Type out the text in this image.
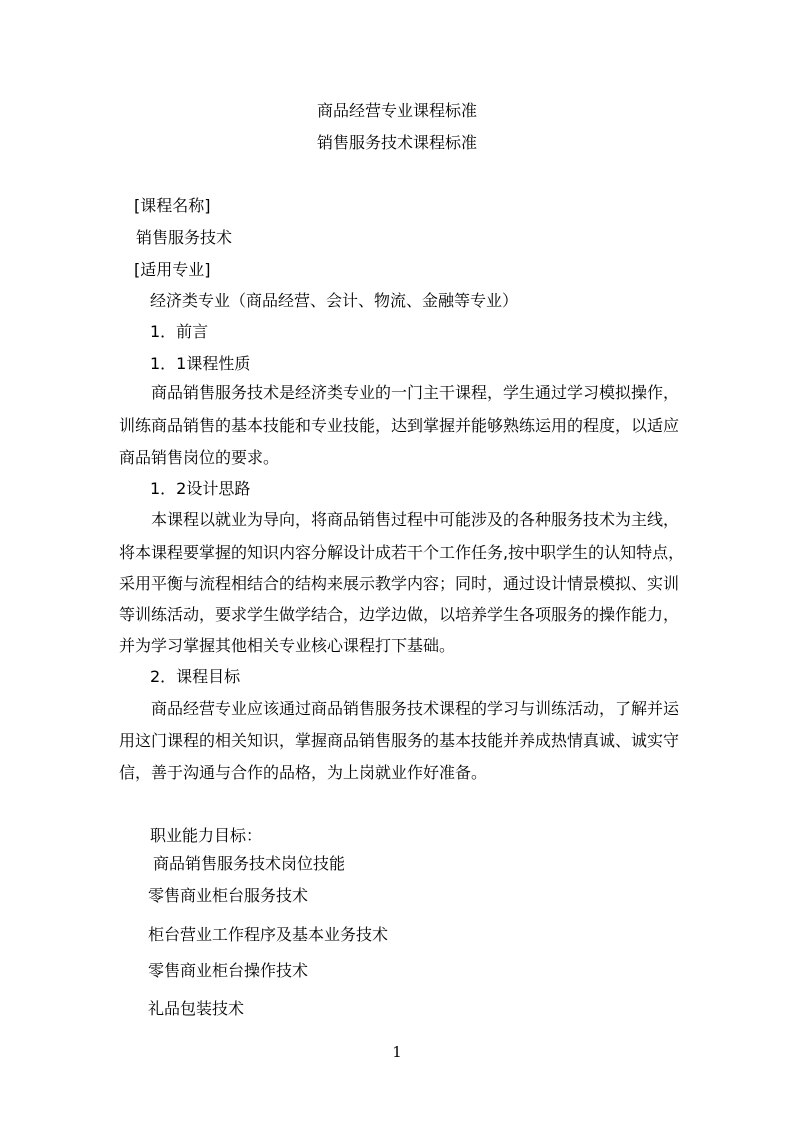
商品经营专业课程标准
销售服务技术课程标准
[课程名称]
销售服务技术
[适用专业]
经济类专业（商品经营、会计、物流、金融等专业）
1．前言
1．1课程性质
商品销售服务技术是经济类专业的一门主干课程，学生通过学习模拟操作，
训练商品销售的基本技能和专业技能，达到掌握并能够熟练运用的程度，以适应
商品销售岗位的要求。
1．2设计思路
本课程以就业为导向，将商品销售过程中可能涉及的各种服务技术为主线，
将本课程要掌握的知识内容分解设计成若干个工作任务,按中职学生的认知特点，
采用平衡与流程相结合的结构来展示教学内容；同时，通过设计情景模拟、实训
等训练活动，要求学生做学结合，边学边做，以培养学生各项服务的操作能力，
并为学习掌握其他相关专业核心课程打下基础。
2．课程目标
商品经营专业应该通过商品销售服务技术课程的学习与训练活动，了解并运
用这门课程的相关知识，掌握商品销售服务的基本技能并养成热情真诚、诚实守
信，善于沟通与合作的品格，为上岗就业作好准备。
职业能力目标：
商品销售服务技术岗位技能
零售商业柜台服务技术
柜台营业工作程序及基本业务技术
零售商业柜台操作技术
礼品包装技术
1
